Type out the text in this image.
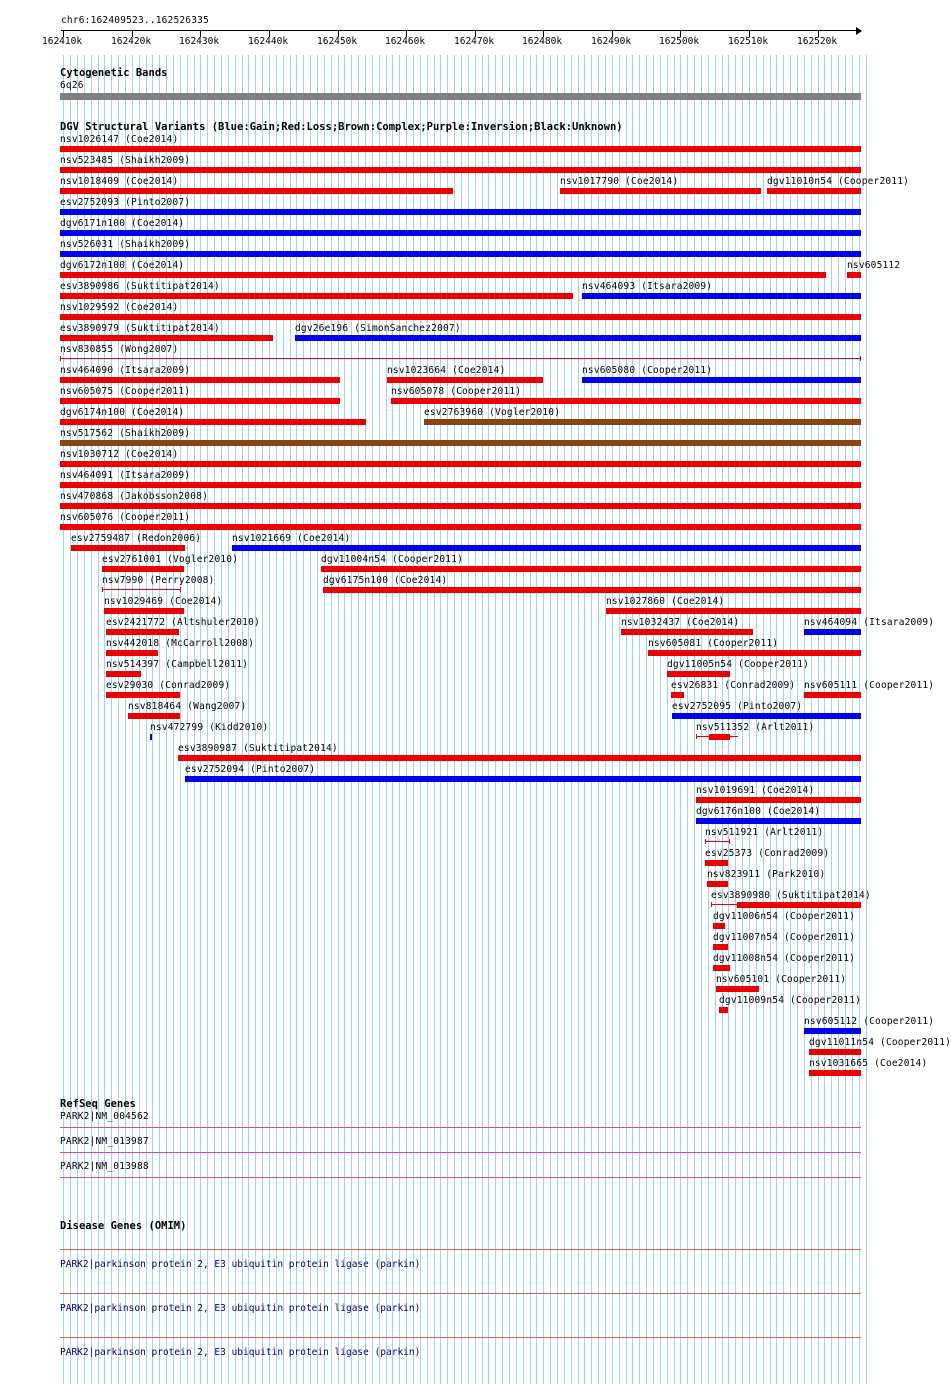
chr6:162409523..162526335
162410k	162420k	162430k	162440k	162450k	162460k	162470k	162480k	162490k	162500k	162510k	162520k
Cytogenetic Bands
6q26
DGV Structural Variants (Blue:Gain;Red:Loss;Brown:Complex;Purple:Inversion;Black:Unknown)
nsv1026147 (Coe2014)
nsv523485 (Shaikh2009)
nsv1018409 (Coe2014)	nsv1017790 (Coe2014)	dgv11010n54 (Cooper2011)
esv2752093 (Pinto2007)
dgv6171n100 (Coe2014)
nsv526031 (Shaikh2009)
dgv6172n100 (Coe2014)	nsv605112
esv3890986 (Suktitipat2014)	nsv464093 (Itsara2009)
nsv1029592 (Coe2014)
esv3890979 (Suktitipat2014)	dgv26e196 (SimonSanchez2007)
nsv830855 (Wong2007)
nsv464090 (Itsara2009)	nsv1023664 (Coe2014)	nsv605080 (Cooper2011)
nsv605075 (Cooper2011)	nsv605078 (Cooper2011)
dgv6174n100 (Coe2014)	esv2763960 (Vogler2010)
nsv517562 (Shaikh2009)
nsv1030712 (Coe2014)
nsv464091 (Itsara2009)
nsv470868 (Jakobsson2008)
nsv605076 (Cooper2011)
esv2759487 (Redon2006)	nsv1021669 (Coe2014)
esv2761001 (Vogler2010)	dgv11004n54 (Cooper2011)
nsv7990 (Perry2008)	dgv6175n100 (Coe2014)
nsv1029469 (Coe2014)	nsv1027860 (Coe2014)
esv2421772 (Altshuler2010)	nsv1032437 (Coe2014)	nsv464094 (Itsara2009)
nsv442018 (McCarroll2008)	nsv605081 (Cooper2011)
nsv514397 (Campbell2011)	dgv11005n54 (Cooper2011)
esv29030 (Conrad2009)	esv26831 (Conrad2009) nsv605111 (Cooper2011)
nsv818464 (Wang2007)	esv2752095 (Pinto2007)
nsv472799 (Kidd2010)	nsv511352 (Arlt2011)
esv3890987 (Suktitipat2014)
esv2752094 (Pinto2007)
nsv1019691 (Coe2014)
dgv6176n100 (Coe2014)
nsv511921 (Arlt2011)
esv25373 (Conrad2009)
nsv823911 (Park2010)
esv3890980 (Suktitipat2014)
dgv11006n54 (Cooper2011)
dgv11007n54 (Cooper2011)
dgv11008n54 (Cooper2011)
nsv605101 (Cooper2011)
dgv11009n54 (Cooper2011)
nsv605112 (Cooper2011)
dgv11011n54 (Cooper2011)
nsv1031665 (Coe2014)
RefSeq Genes
PARK2|NM_004562
PARK2|NM_013987
PARK2|NM_013988
Disease Genes (OMIM)
PARK2|parkinson protein 2, E3 ubiquitin protein ligase (parkin)
PARK2|parkinson protein 2, E3 ubiquitin protein ligase (parkin)
PARK2|parkinson protein 2, E3 ubiquitin protein ligase (parkin)
